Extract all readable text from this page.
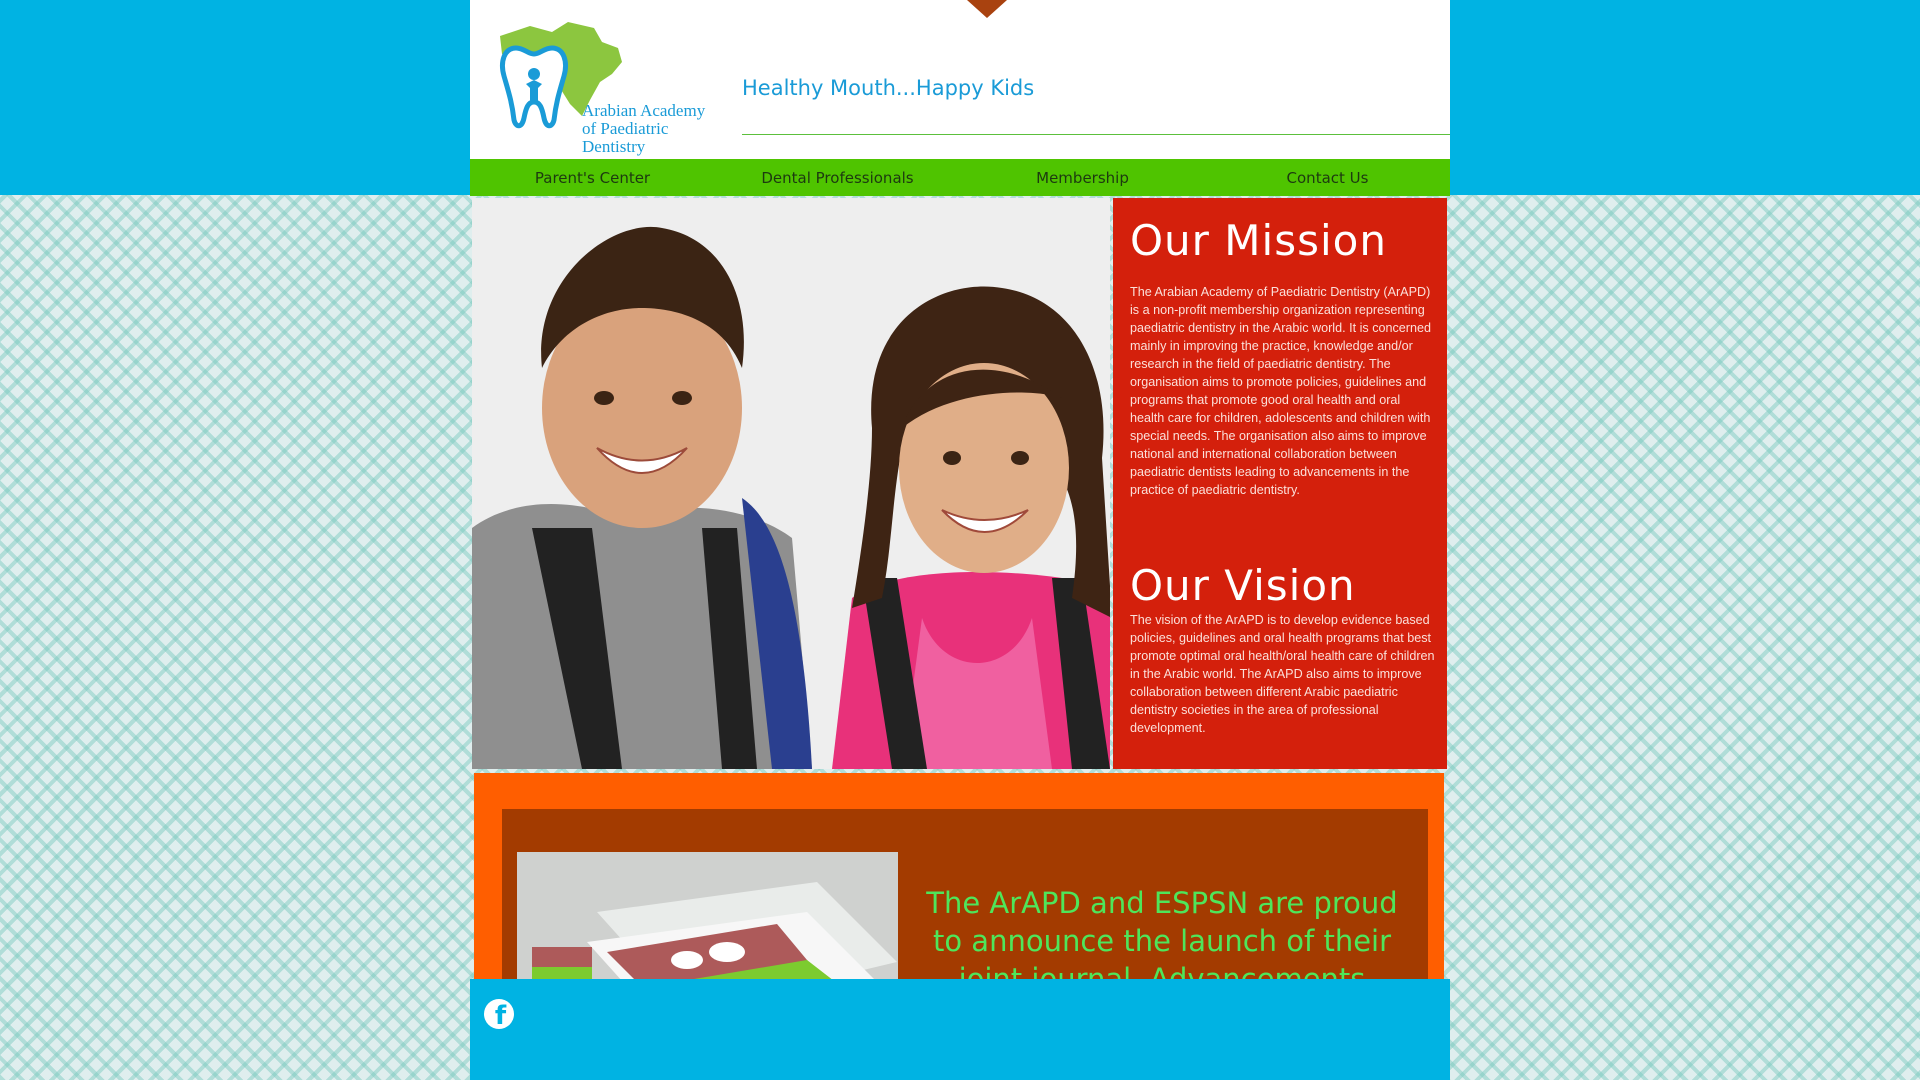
Arabian Academy
of Paediatric Dentistry
Healthy Mouth...Happy Kids
Parent's Center	Dental Professionals	Membership	Contact Us
Our Mission

The Arabian Academy of Paediatric Dentistry (ArAPD) is a non-profit membership organization representing paediatric dentistry in the Arabic world. It is concerned mainly in improving the practice, knowledge and/or research in the field of paediatric dentistry. The organisation aims to promote policies, guidelines and programs that promote good oral health and oral health care for children, adolescents and children with special needs. The organisation also aims to improve national and international collaboration between paediatric dentists leading to advancements in the practice of paediatric dentistry.

Our Vision

The vision of the ArAPD is to develop evidence based policies, guidelines and oral health programs that best promote optimal oral health/oral health care of children in the Arabic world. The ArAPD also aims to improve collaboration between different Arabic paediatric dentistry societies in the area of professional development.

The ArAPD and ESPSN are proud to announce the launch of their
f
